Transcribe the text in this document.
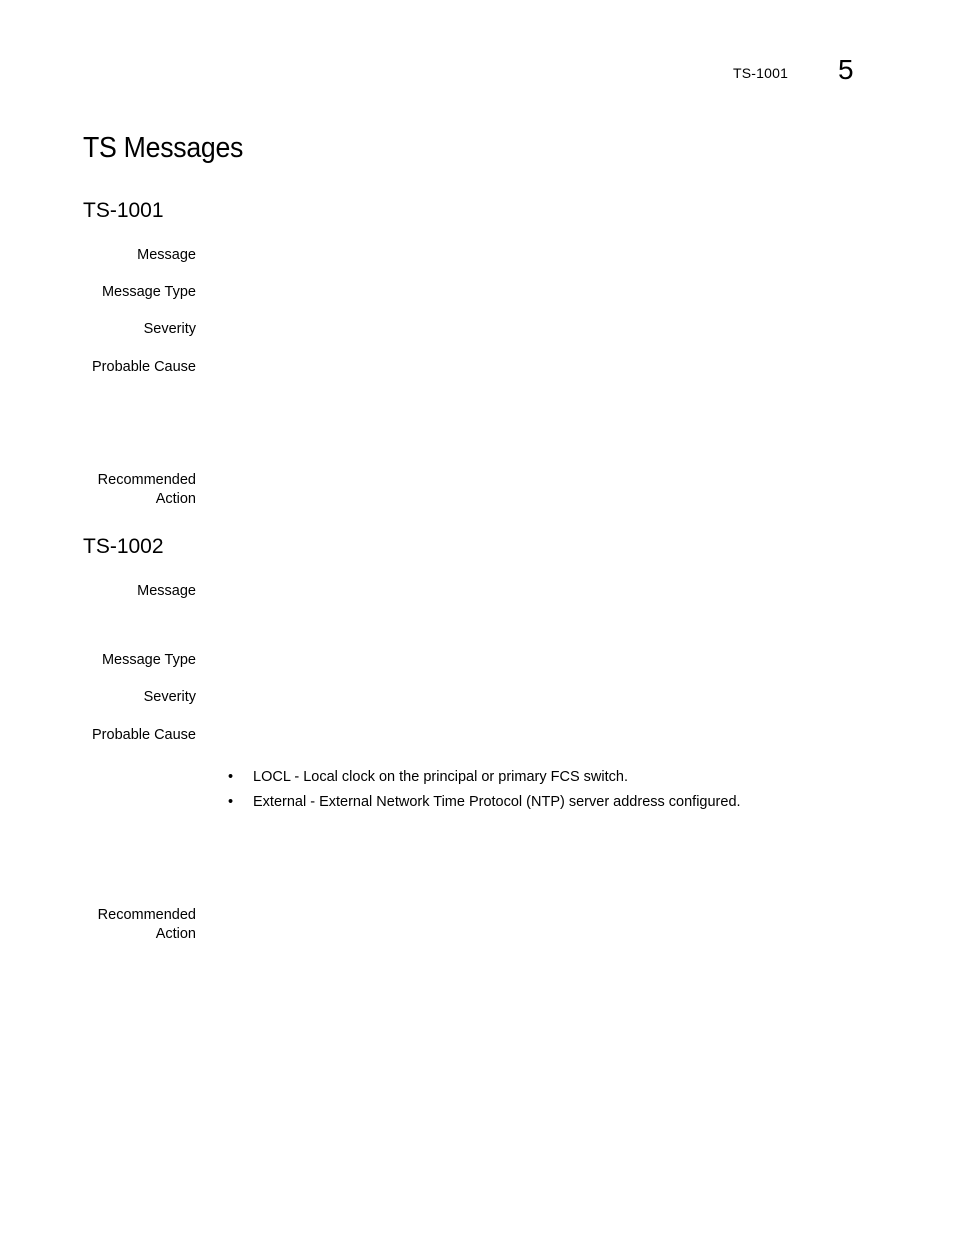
TS-1001 5
TS Messages
TS-1001
Message
Message Type
Severity
Probable Cause
Recommended
Action
TS-1002
Message
Message Type
Severity
Probable Cause
• LOCL - Local clock on the principal or primary FCS switch.
• External - External Network Time Protocol (NTP) server address configured.
Recommended
Action
